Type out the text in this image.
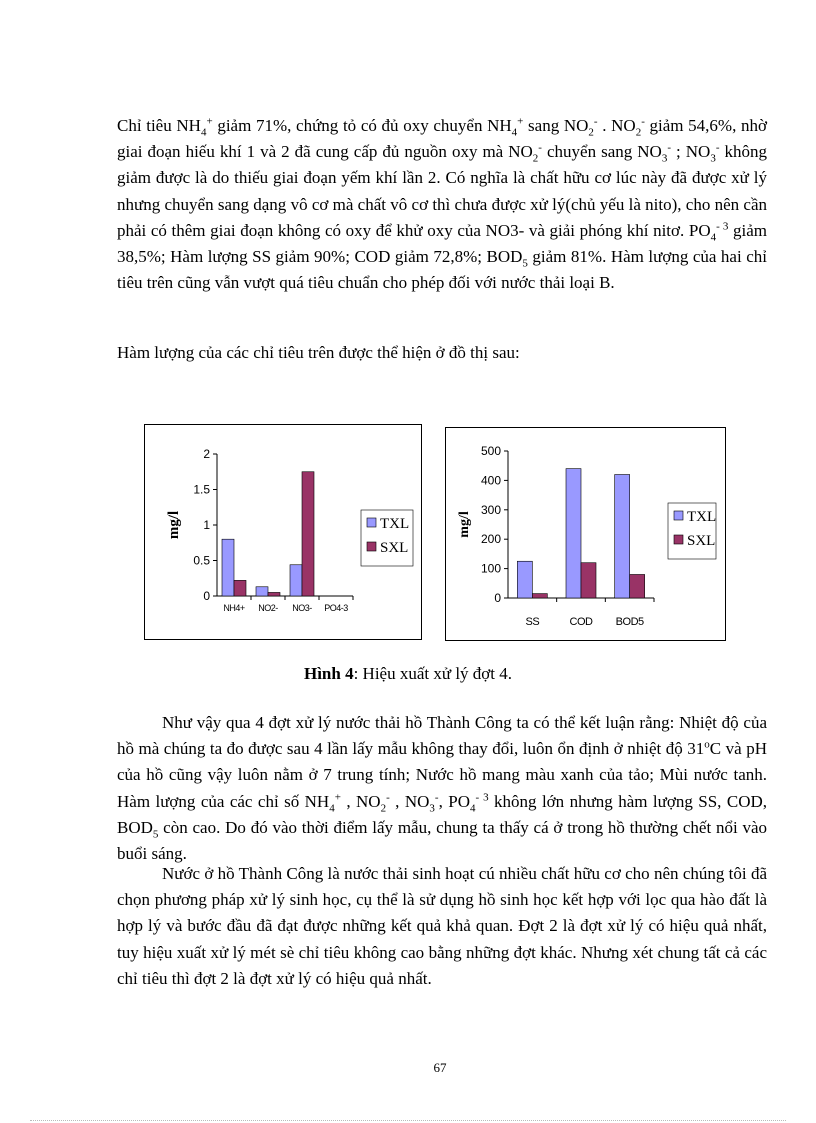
Chỉ tiêu $NH_4^+$ giảm 71%, chứng tỏ có đủ oxy chuyển $NH_4^+$ sang $NO_2^-$ . $NO_2^-$ giảm 54,6%, nhờ giai đoạn hiếu khí 1 và 2 đã cung cấp đủ nguồn oxy mà $NO_2^-$ chuyển sang $NO_3^-$ ; $NO_3^-$ không giảm được là do thiếu giai đoạn yếm khí lần 2. Có nghĩa là chất hữu cơ lúc này đã được xử lý nhưng chuyển sang dạng vô cơ mà chất vô cơ thì chưa được xử lý(chủ yếu là nito), cho nên cần phải có thêm giai đoạn không có oxy để khử oxy của NO3- và giải phóng khí nitơ. $PO_4^{- 3}$ giảm 38,5%; Hàm lượng SS giảm 90%; COD giảm 72,8%; $BOD_5$ giảm 81%. Hàm lượng của hai chỉ tiêu trên cũng vẫn vượt quá tiêu chuẩn cho phép đối với nước thải loại B.

Hàm lượng của các chỉ tiêu trên được thể hiện ở đồ thị sau:

0
0.5
1
1.5
2
mg/l
NH4+ NO2- NO3- PO4-3
TXL
SXL
0
100
200
300
400
500
mg/l
SS	COD BOD5
TXL
SXL
Hình 4: Hiệu xuất xử lý đợt 4.

Như vậy qua 4 đợt xử lý nước thải hồ Thành Công ta có thể kết luận rằng: Nhiệt độ của hồ mà chúng ta đo được sau 4 lần lấy mẫu không thay đổi, luôn ổn định ở nhiệt độ 31$^o$C và pH của hồ cũng vậy luôn nằm ở 7 trung tính; Nước hồ mang màu xanh của tảo; Mùi nước tanh. Hàm lượng của các chỉ số $NH_4^+$ , $NO_2^-$ , $NO_3^-$, $PO_4^{- 3}$ không lớn nhưng hàm lượng SS, COD, $BOD_5$ còn cao. Do đó vào thời điểm lấy mẫu, chung ta thấy cá ở trong hồ thường chết nổi vào buổi sáng.

Nước ở hồ Thành Công là nước thải sinh hoạt cú nhiều chất hữu cơ cho nên chúng tôi đã chọn phương pháp xử lý sinh học, cụ thể là sử dụng hồ sinh học kết hợp với lọc qua hào đất là hợp lý và bước đầu đã đạt được những kết quả khả quan. Đợt 2 là đợt xử lý có hiệu quả nhất, tuy hiệu xuất xử lý mét sè chỉ tiêu không cao bằng những đợt khác. Nhưng xét chung tất cả các chỉ tiêu thì đợt 2 là đợt xử lý có hiệu quả nhất.

67
